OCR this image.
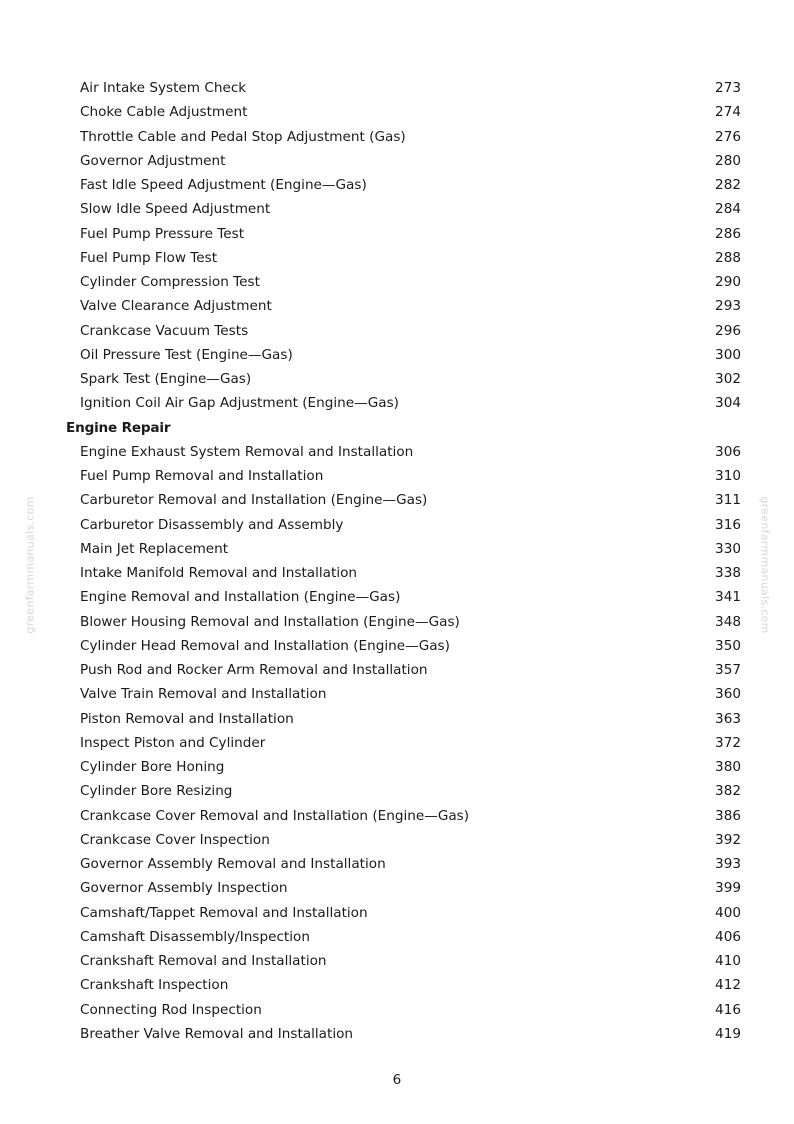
greenfarmmanuals.com	greenfarmmanuals.com
Air Intake System Check	273
Choke Cable Adjustment	274
Throttle Cable and Pedal Stop Adjustment (Gas)	276
Governor Adjustment	280
Fast Idle Speed Adjustment (Engine—Gas)	282
Slow Idle Speed Adjustment	284
Fuel Pump Pressure Test	286
Fuel Pump Flow Test	288
Cylinder Compression Test	290
Valve Clearance Adjustment	293
Crankcase Vacuum Tests	296
Oil Pressure Test (Engine—Gas)	300
Spark Test (Engine—Gas)	302
Ignition Coil Air Gap Adjustment (Engine—Gas)	304
Engine Repair
Engine Exhaust System Removal and Installation	306
Fuel Pump Removal and Installation	310
Carburetor Removal and Installation (Engine—Gas)	311
Carburetor Disassembly and Assembly	316
Main Jet Replacement	330
Intake Manifold Removal and Installation	338
Engine Removal and Installation (Engine—Gas)	341
Blower Housing Removal and Installation (Engine—Gas)	348
Cylinder Head Removal and Installation (Engine—Gas)	350
Push Rod and Rocker Arm Removal and Installation	357
Valve Train Removal and Installation	360
Piston Removal and Installation	363
Inspect Piston and Cylinder	372
Cylinder Bore Honing	380
Cylinder Bore Resizing	382
Crankcase Cover Removal and Installation (Engine—Gas)	386
Crankcase Cover Inspection	392
Governor Assembly Removal and Installation	393
Governor Assembly Inspection	399
Camshaft/Tappet Removal and Installation	400
Camshaft Disassembly/Inspection	406
Crankshaft Removal and Installation	410
Crankshaft Inspection	412
Connecting Rod Inspection	416
Breather Valve Removal and Installation	419
6
